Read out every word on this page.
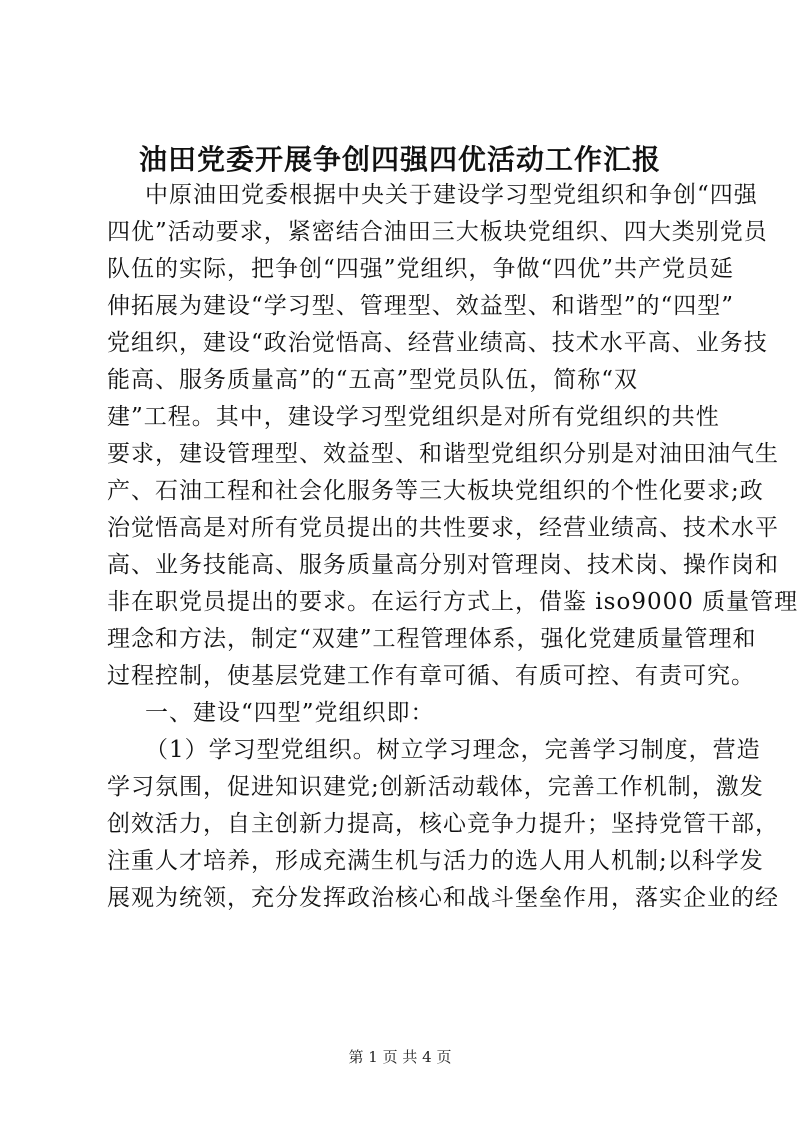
油田党委开展争创四强四优活动工作汇报
中原油田党委根据中央关于建设学习型党组织和争创“四强
四优”活动要求，紧密结合油田三大板块党组织、四大类别党员
队伍的实际，把争创“四强”党组织，争做“四优”共产党员延
伸拓展为建设“学习型、管理型、效益型、和谐型”的“四型”
党组织，建设“政治觉悟高、经营业绩高、技术水平高、业务技
能高、服务质量高”的“五高”型党员队伍，简称“双
建”工程。其中，建设学习型党组织是对所有党组织的共性
要求，建设管理型、效益型、和谐型党组织分别是对油田油气生
产、石油工程和社会化服务等三大板块党组织的个性化要求;政
治觉悟高是对所有党员提出的共性要求，经营业绩高、技术水平
高、业务技能高、服务质量高分别对管理岗、技术岗、操作岗和
非在职党员提出的要求。在运行方式上，借鉴 iso9000 质量管理
理念和方法，制定“双建”工程管理体系，强化党建质量管理和
过程控制，使基层党建工作有章可循、有质可控、有责可究。
一、建设“四型”党组织即：
（1）学习型党组织。树立学习理念，完善学习制度，营造
学习氛围，促进知识建党;创新活动载体，完善工作机制，激发
创效活力，自主创新力提高，核心竞争力提升；坚持党管干部，
注重人才培养，形成充满生机与活力的选人用人机制;以科学发
展观为统领，充分发挥政治核心和战斗堡垒作用，落实企业的经
第 1 页 共 4 页
